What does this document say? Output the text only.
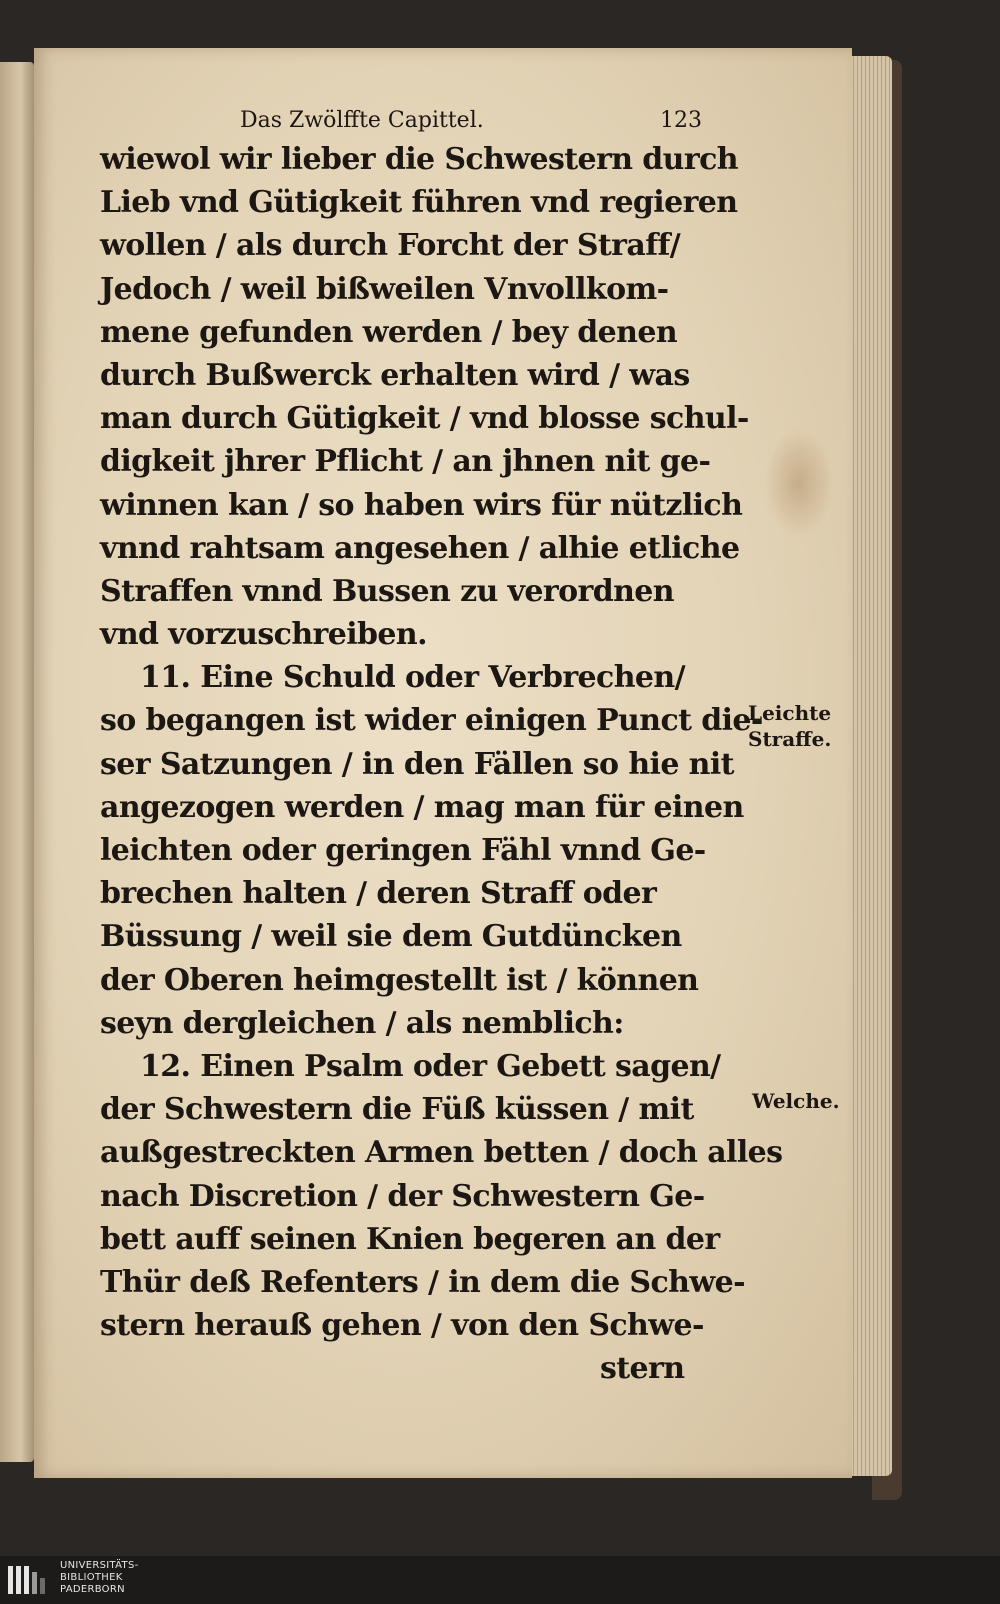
Das Zwölffte Capittel.	123
wiewol wir lieber die Schwestern durch
Lieb vnd Gütigkeit führen vnd regieren
wollen / als durch Forcht der Straff/
Jedoch / weil bißweilen Vnvollkom-
mene gefunden werden / bey denen
durch Bußwerck erhalten wird / was
man durch Gütigkeit / vnd blosse schul-
digkeit jhrer Pflicht / an jhnen nit ge-
winnen kan / so haben wirs für nützlich
vnnd rahtsam angesehen / alhie etliche
Straffen vnnd Bussen zu verordnen
vnd vorzuschreiben.
11. Eine Schuld oder Verbrechen/
so begangen ist wider einigen Punct die-
ser Satzungen / in den Fällen so hie nit
angezogen werden / mag man für einen
leichten oder geringen Fähl vnnd Ge-
brechen halten / deren Straff oder
Büssung / weil sie dem Gutdüncken
der Oberen heimgestellt ist / können
seyn dergleichen / als nemblich:
12. Einen Psalm oder Gebett sagen/
der Schwestern die Füß küssen / mit
außgestreckten Armen betten / doch alles
nach Discretion / der Schwestern Ge-
bett auff seinen Knien begeren an der
Thür deß Refenters / in dem die Schwe-
stern herauß gehen / von den Schwe-
stern
Leichte
Straffe.
Welche.
UNIVERSITÄTS-
BIBLIOTHEK
PADERBORN
